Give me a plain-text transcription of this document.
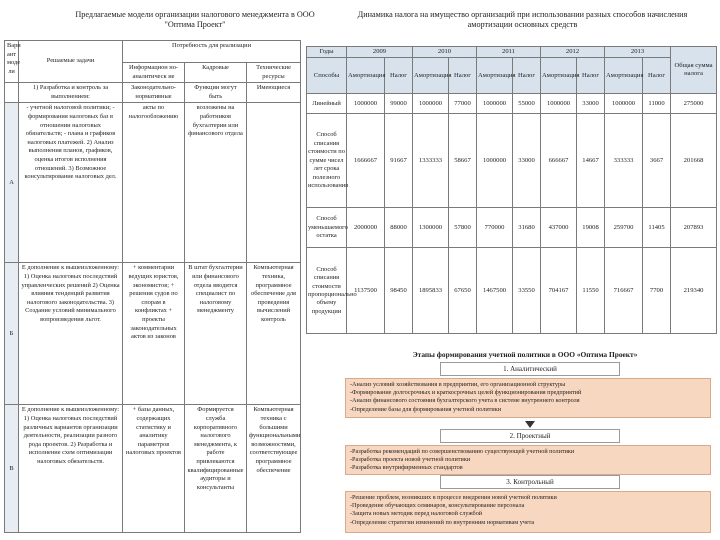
Предлагаемые модели организации налогового менеджмента в ООО "Оптима Проект"
Динамика налога на имущество организаций при использовании разных способов начисления амортизации основных средств
Вари ант моде ли	Решаемые задачи	Потребность для реализации		
		Информацион но-аналитическ ие	Кадровые	Технические ресурсы
	1) Разработка и контроль за выполнением:	Законодательно-нормативные	Функции могут быть	Имеющиеся
А	- учетной налоговой политики; - формирования налоговых баз в отношении налоговых обязательств; - плана и графиков налоговых платежей. 2) Анализ выполнения планов, графиков, оценка итогов исполнения отношений. 3) Возможное консультирование налоговых дел.	акты по налогообложению	возложены на работников бухгалтерии или финансового отдела	
Б	Е дополнение к вышеизложенному: 1) Оценка налоговых последствий управленческих решений 2) Оценка влияния тенденций развития налогового законодательства. 3) Создание условий минимального вопроизведения льгот.	+ комментарии ведущих юристов, экономистов; + решения судов по спорам в конфликтах + проекты законодательных актов из законов	В штат бухгалтерии или финансового отдела вводится специалист по налоговому менеджменту	Компьютерная техника, программное обеспечение для проведения вычислений контроль
В	Е дополнение к вышеизложенному: 1) Оценка налоговых последствий различных вариантов организации деятельности, реализации разного рода проектов. 2) Разработка и исполнение схем оптимизации налоговых обязательств.	+ базы данных, содержащих статистику и аналитику параметров налоговых проектов	Формируется служба корпоративного налогового менеджмента, к работе привлекаются квалифицированные аудиторы и консультанты	Компьютерная техника с большими функциональными возможностями, соответствующее программное обеспечение
Годы	2009		2010		2011		2012		2013		Общая сумма налога
Способы	Амортизация	Налог	Амортизация	Налог	Амортизация	Налог	Амортизация	Налог	Амортизация	Налог	
Линейный	1000000	99000	1000000	77000	1000000	55000	1000000	33000	1000000	11000	275000
Способ списания стоимости по сумме чисел лет срока полезного использования	1666667	91667	1333333	58667	1000000	33000	666667	14667	333333	3667	201668
Способ уменьшаемого остатка	2000000	88000	1300000	57800	770000	31680	437000	19008	259700	11405	207893
Способ списания стоимости пропорционально объему продукции	1137500	98450	1895833	67650	1467500	33550	704167	11550	716667	7700	219340
Этапы формирования учетной политики в ООО «Оптима Проект»
1. Аналитический
-Анализ условий хозяйствования в предприятии, его организационной структуры
-Формирование долгосрочных и краткосрочных целей функционирования предприятий
-Анализ финансового состояния бухгалтерского учета в системе внутреннего контроля
-Определение базы для формирования учетной политики
2. Проектный
-Разработка рекомендаций по совершенствованию существующей учетной политики
-Разработка проекта новой учетной политики
-Разработка внутрифирменных стандартов
3. Контрольный
-Решение проблем, возникших в процессе внедрения новой учетной политики
-Проведение обучающих семинаров, консультирование персонала
-Защита новых методик перед налоговой службой
-Определение стратегии изменений по внутренним нормативам учета
